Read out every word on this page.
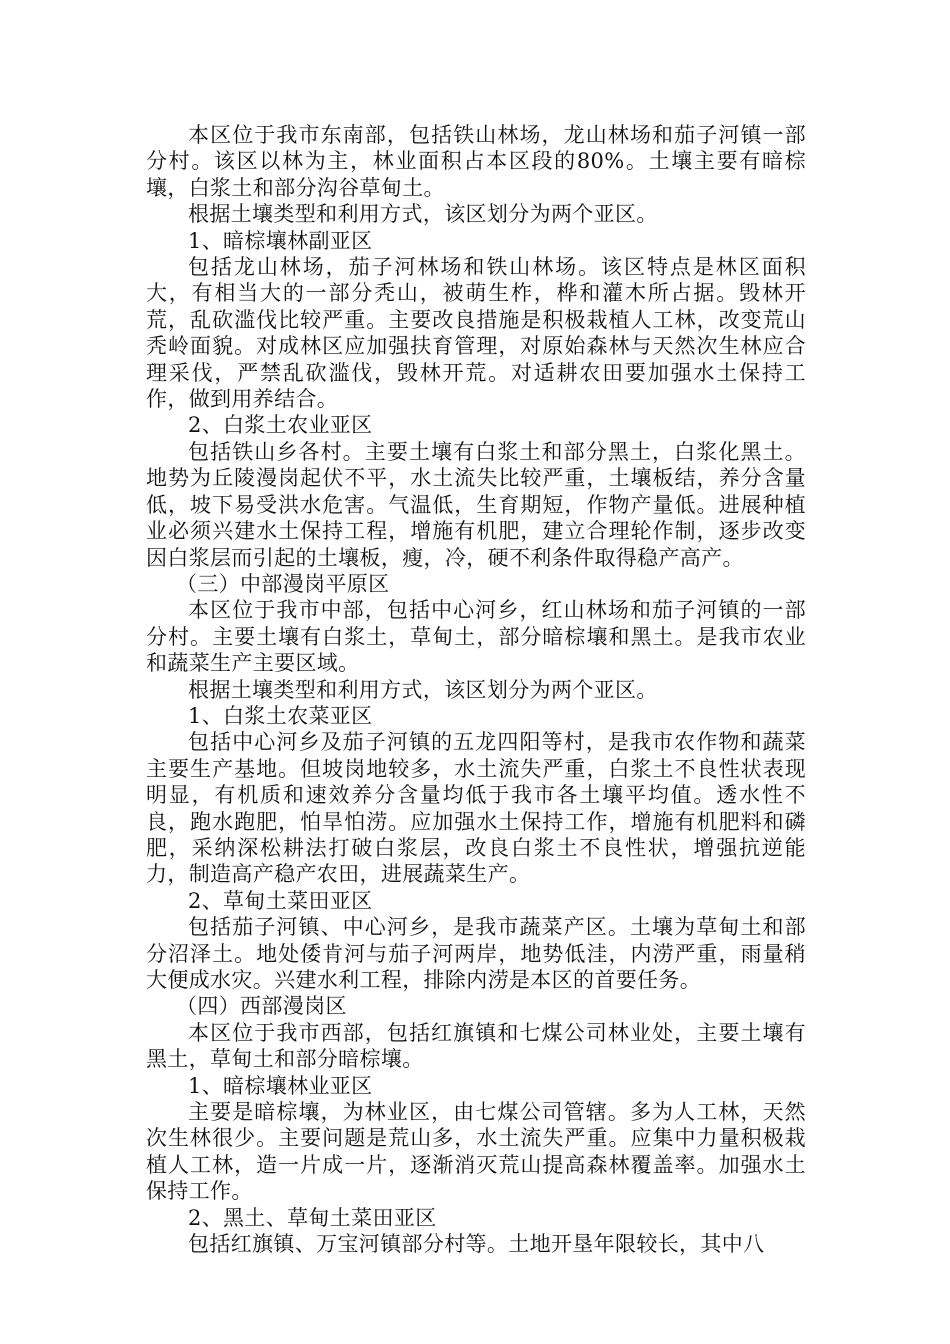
本区位于我市东南部，包括铁山林场，龙山林场和茄子河镇一部分村。该区以林为主，林业面积占本区段的80%。土壤主要有暗棕壤，白浆土和部分沟谷草甸土。

根据土壤类型和利用方式，该区划分为两个亚区。

1、暗棕壤林副亚区

包括龙山林场，茄子河林场和铁山林场。该区特点是林区面积大，有相当大的一部分秃山，被萌生柞，桦和灌木所占据。毁林开荒，乱砍滥伐比较严重。主要改良措施是积极栽植人工林，改变荒山秃岭面貌。对成林区应加强扶育管理，对原始森林与天然次生林应合理采伐，严禁乱砍滥伐，毁林开荒。对适耕农田要加强水土保持工作，做到用养结合。

2、白浆土农业亚区

包括铁山乡各村。主要土壤有白浆土和部分黑土，白浆化黑土。地势为丘陵漫岗起伏不平，水土流失比较严重，土壤板结，养分含量低，坡下易受洪水危害。气温低，生育期短，作物产量低。进展种植业必须兴建水土保持工程，增施有机肥，建立合理轮作制，逐步改变因白浆层而引起的土壤板，瘦，冷，硬不利条件取得稳产高产。

（三）中部漫岗平原区

本区位于我市中部，包括中心河乡，红山林场和茄子河镇的一部分村。主要土壤有白浆土，草甸土，部分暗棕壤和黑土。是我市农业和蔬菜生产主要区域。

根据土壤类型和利用方式，该区划分为两个亚区。

1、白浆土农菜亚区

包括中心河乡及茄子河镇的五龙四阳等村，是我市农作物和蔬菜主要生产基地。但坡岗地较多，水土流失严重，白浆土不良性状表现明显，有机质和速效养分含量均低于我市各土壤平均值。透水性不良，跑水跑肥，怕旱怕涝。应加强水土保持工作，增施有机肥料和磷肥，采纳深松耕法打破白浆层，改良白浆土不良性状，增强抗逆能力，制造高产稳产农田，进展蔬菜生产。

2、草甸土菜田亚区

包括茄子河镇、中心河乡，是我市蔬菜产区。土壤为草甸土和部分沼泽土。地处倭肯河与茄子河两岸，地势低洼，内涝严重，雨量稍大便成水灾。兴建水利工程，排除内涝是本区的首要任务。

（四）西部漫岗区

本区位于我市西部，包括红旗镇和七煤公司林业处，主要土壤有黑土，草甸土和部分暗棕壤。

1、暗棕壤林业亚区

主要是暗棕壤，为林业区，由七煤公司管辖。多为人工林，天然次生林很少。主要问题是荒山多，水土流失严重。应集中力量积极栽植人工林，造一片成一片，逐渐消灭荒山提高森林覆盖率。加强水土保持工作。

2、黑土、草甸土菜田亚区

包括红旗镇、万宝河镇部分村等。土地开垦年限较长，其中八
